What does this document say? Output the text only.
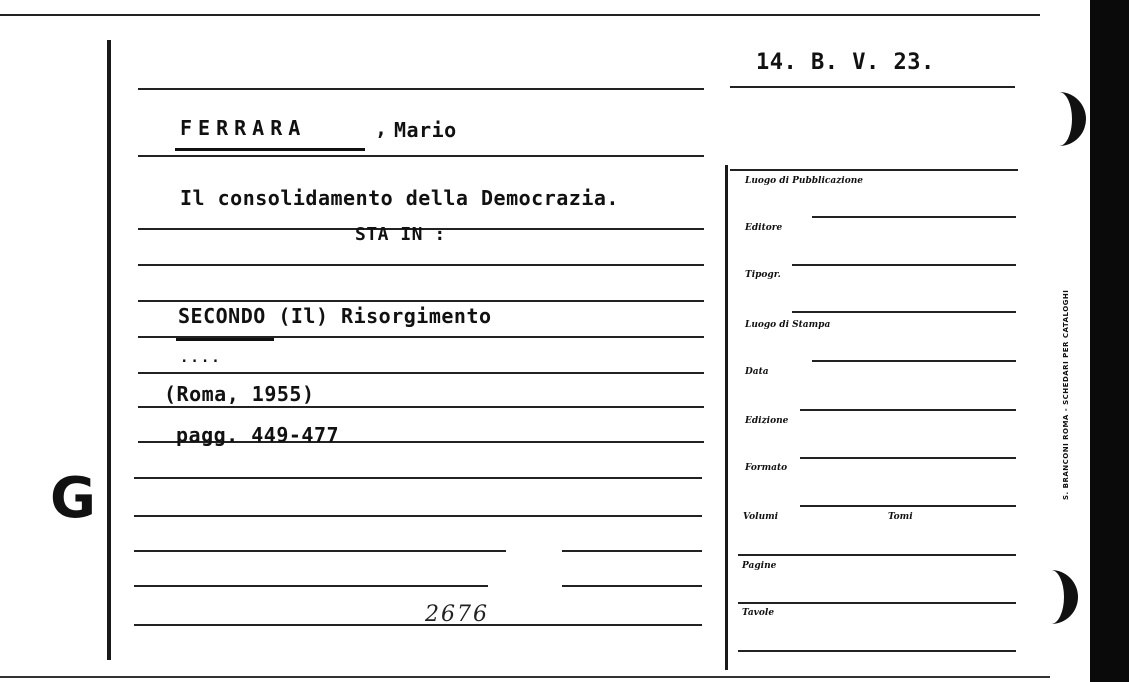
14. B. V. 23.
FERRARA	, Mario
Il consolidamento della Democrazia.
STA IN :
SECONDO (Il) Risorgimento
....
(Roma, 1955)
pagg. 449-477
G
2676
Luogo di Pubblicazione
Editore
Tipogr.
Luogo di Stampa
Data
Edizione
Formato
Volumi	Tomi
Pagine
Tavole
S. BRANCONI ROMA - SCHEDARI PER CATALOGHI
